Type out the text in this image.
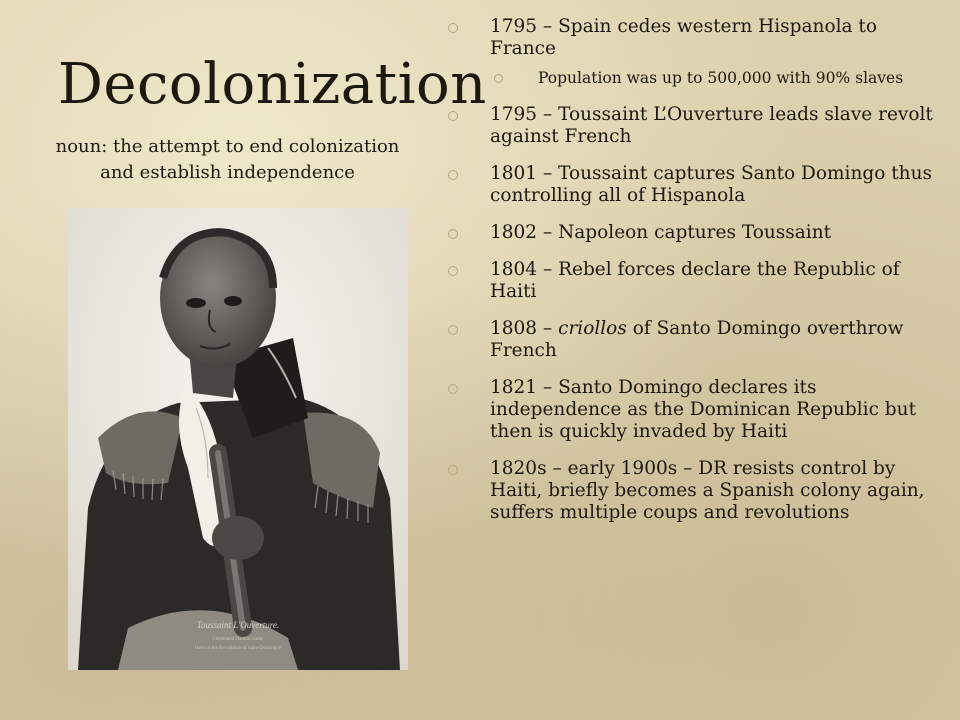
Decolonization
noun: the attempt to end colonization and establish independence
Toussaint L'Ouverture.
Celebrated Haitian leader
Hero of the Revolution of Saint-Domingue
1795 – Spain cedes western Hispanola to France
Population was up to 500,000 with 90% slaves
1795 – Toussaint L’Ouverture leads slave revolt against French
1801 – Toussaint captures Santo Domingo thus controlling all of Hispanola
1802 – Napoleon captures Toussaint
1804 – Rebel forces declare the Republic of Haiti
1808 – criollos of Santo Domingo overthrow French
1821 – Santo Domingo declares its independence as the Dominican Republic but then is quickly invaded by Haiti
1820s – early 1900s – DR resists control by Haiti, briefly becomes a Spanish colony again, suffers multiple coups and revolutions
